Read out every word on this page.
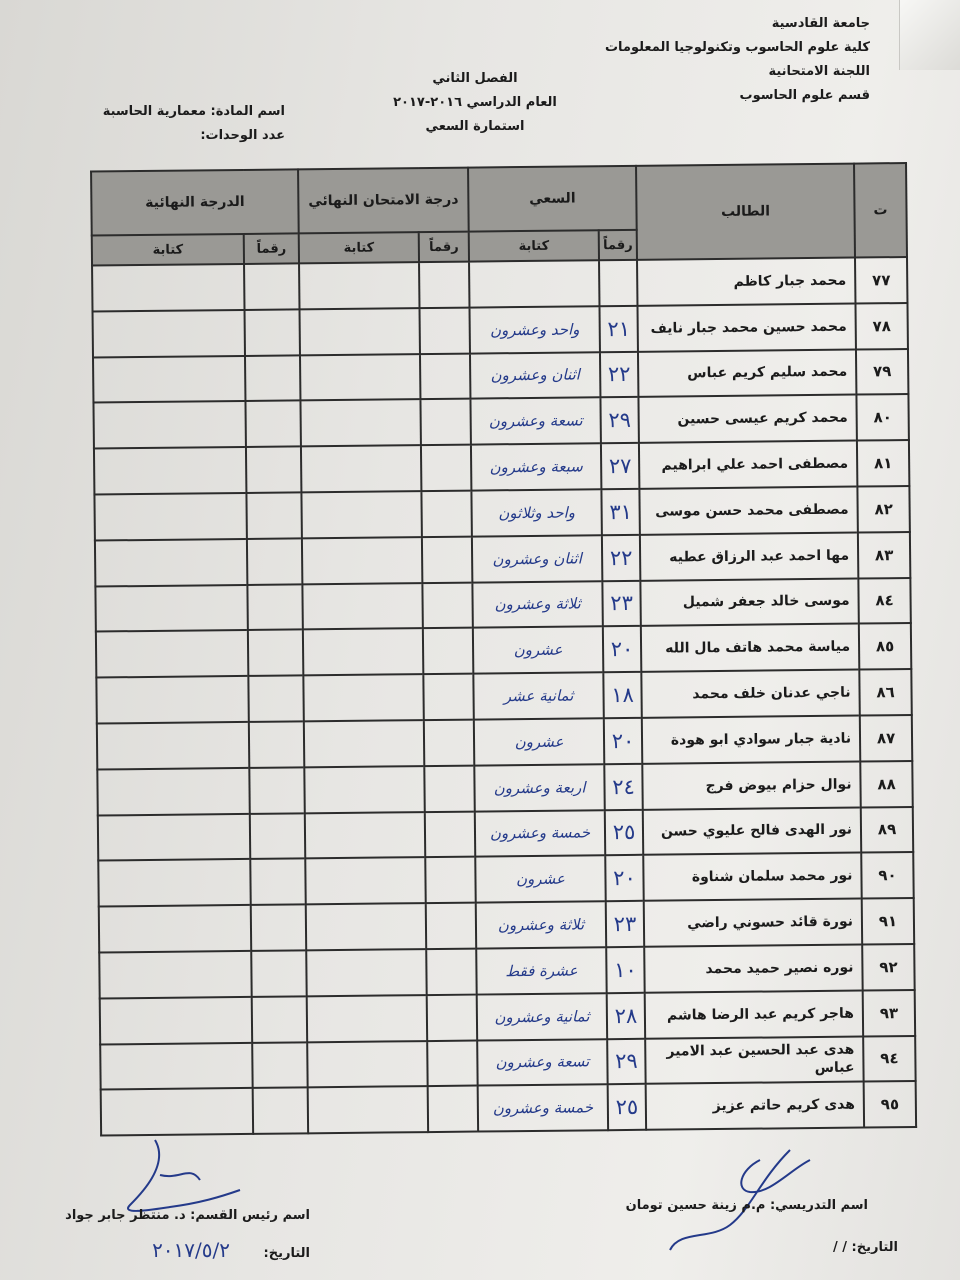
جامعة القادسية
كلية علوم الحاسوب وتكنولوجيا المعلومات
اللجنة الامتحانية
قسم علوم الحاسوب
الفصل الثاني
العام الدراسي ٢٠١٦-٢٠١٧
استمارة السعي
اسم المادة: معمارية الحاسبة
عدد الوحدات:
ت	الطالب	السعي		درجة الامتحان النهائي		الدرجة النهائية	
		رقماً	كتابة	رقماً	كتابة	رقماً	كتابة
٧٧	محمد جبار كاظم						
٧٨	محمد حسين محمد جبار نايف	٢١	واحد وعشرون				
٧٩	محمد سليم كريم عباس	٢٢	اثنان وعشرون				
٨٠	محمد كريم عيسى حسين	٢٩	تسعة وعشرون				
٨١	مصطفى احمد علي ابراهيم	٢٧	سبعة وعشرون				
٨٢	مصطفى محمد حسن موسى	٣١	واحد وثلاثون				
٨٣	مها احمد عبد الرزاق عطيه	٢٢	اثنان وعشرون				
٨٤	موسى خالد جعفر شميل	٢٣	ثلاثة وعشرون				
٨٥	مياسة محمد هاتف مال الله	٢٠	عشرون				
٨٦	ناجي عدنان خلف محمد	١٨	ثمانية عشر				
٨٧	نادية جبار سوادي ابو هودة	٢٠	عشرون				
٨٨	نوال حزام بيوض فرج	٢٤	اربعة وعشرون				
٨٩	نور الهدى فالح عليوي حسن	٢٥	خمسة وعشرون				
٩٠	نور محمد سلمان شناوة	٢٠	عشرون				
٩١	نورة قائد حسوني راضي	٢٣	ثلاثة وعشرون				
٩٢	نوره نصير حميد محمد	١٠	عشرة فقط				
٩٣	هاجر كريم عبد الرضا هاشم	٢٨	ثمانية وعشرون				
٩٤	هدى عبد الحسين عبد الامير عباس	٢٩	تسعة وعشرون				
٩٥	هدى كريم حاتم عزيز	٢٥	خمسة وعشرون				
اسم التدريسي: م.م زينة حسين تومان
التاريخ: / /
اسم رئيس القسم: د. منتظر جابر جواد
التاريخ:
٢٠١٧/٥/٢
